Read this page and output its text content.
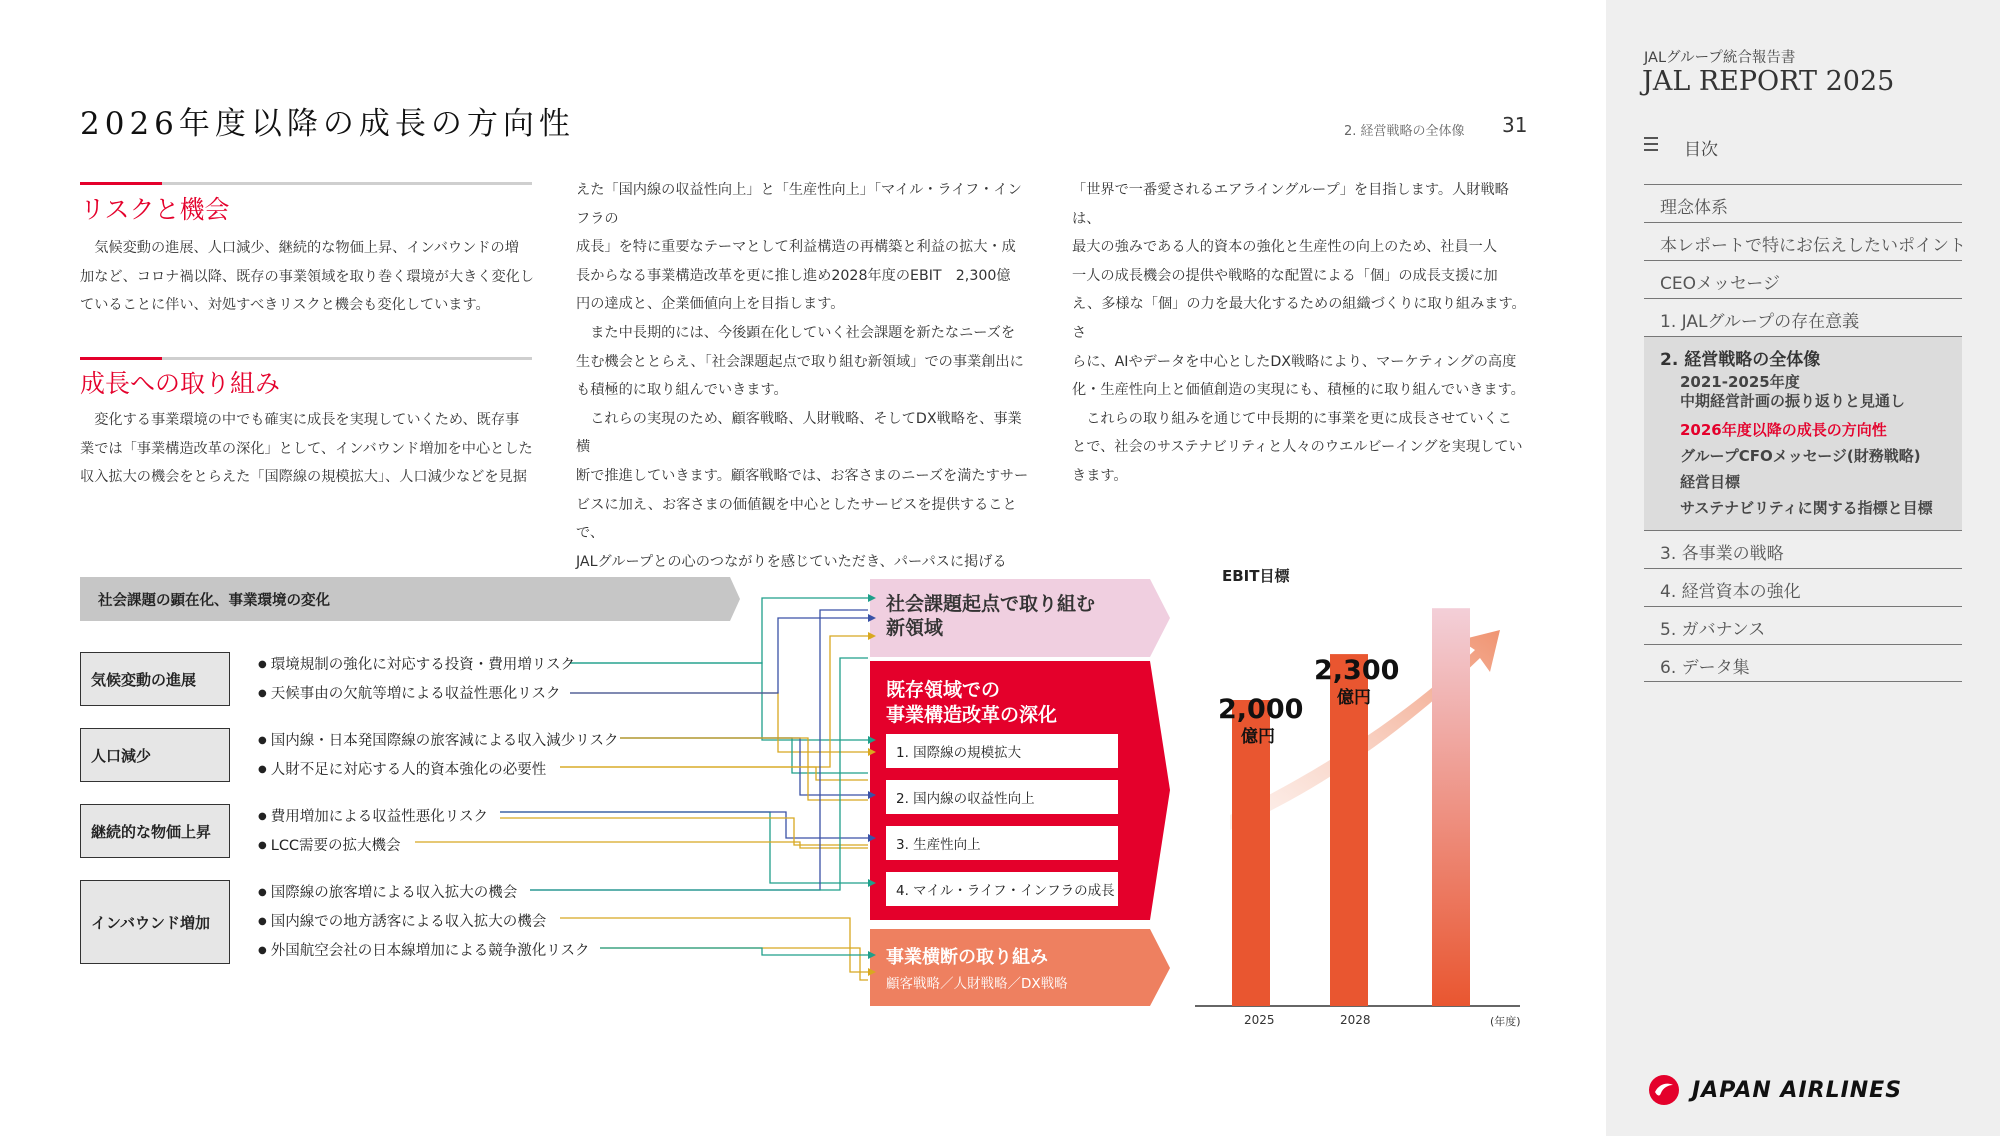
2026年度以降の成長の方向性	2. 経営戦略の全体像 31
リスクと機会

気候変動の進展、人口減少、継続的な物価上昇、インバウンドの増

加など、コロナ禍以降、既存の事業領域を取り巻く環境が大きく変化し

ていることに伴い、対処すべきリスクと機会も変化しています。

成長への取り組み

変化する事業環境の中でも確実に成長を実現していくため、既存事

業では「事業構造改革の深化」として、インバウンド増加を中心とした

収入拡大の機会をとらえた「国際線の規模拡大」、人口減少などを見据

えた「国内線の収益性向上」と「生産性向上」「マイル・ライフ・インフラの

成長」を特に重要なテーマとして利益構造の再構築と利益の拡大・成

長からなる事業構造改革を更に推し進め2028年度のEBIT　2,300億

円の達成と、企業価値向上を目指します。

また中長期的には、今後顕在化していく社会課題を新たなニーズを

生む機会ととらえ、「社会課題起点で取り組む新領域」での事業創出に

も積極的に取り組んでいきます。

これらの実現のため、顧客戦略、人財戦略、そしてDX戦略を、事業横

断で推進していきます。顧客戦略では、お客さまのニーズを満たすサー

ビスに加え、お客さまの価値観を中心としたサービスを提供することで、

JALグループとの心のつながりを感じていただき、パーパスに掲げる

「世界で一番愛されるエアライングループ」を目指します。人財戦略は、

最大の強みである人的資本の強化と生産性の向上のため、社員一人

一人の成長機会の提供や戦略的な配置による「個」の成長支援に加

え、多様な「個」の力を最大化するための組織づくりに取り組みます。さ

らに、AIやデータを中心としたDX戦略により、マーケティングの高度

化・生産性向上と価値創造の実現にも、積極的に取り組んでいきます。

これらの取り組みを通じて中長期的に事業を更に成長させていくこ

とで、社会のサステナビリティと人々のウエルビーイングを実現してい

きます。

社会課題の顕在化、事業環境の変化
気候変動の進展
● 環境規制の強化に対応する投資・費用増リスク
● 天候事由の欠航等増による収益性悪化リスク
人口減少
● 国内線・日本発国際線の旅客減による収入減少リスク
● 人財不足に対応する人的資本強化の必要性
継続的な物価上昇
● 費用増加による収益性悪化リスク
● LCC需要の拡大機会
インバウンド増加
● 国際線の旅客増による収入拡大の機会
● 国内線での地方誘客による収入拡大の機会
● 外国航空会社の日本線増加による競争激化リスク
社会課題起点で取り組む
新領域
既存領域での
事業構造改革の深化
1. 国際線の規模拡大
2. 国内線の収益性向上
3. 生産性向上
4. マイル・ライフ・インフラの成長
事業横断の取り組み
顧客戦略／人財戦略／DX戦略
EBIT目標
2,000
億円
2,300
億円
2025	2028	(年度)
JALグループ統合報告書
JAL REPORT 2025
目次
理念体系
本レポートで特にお伝えしたいポイント
CEOメッセージ
1. JALグループの存在意義
2. 経営戦略の全体像
2021-2025年度
中期経営計画の振り返りと見通し
2026年度以降の成長の方向性
グループCFOメッセージ(財務戦略)
経営目標
サステナビリティに関する指標と目標
3. 各事業の戦略
4. 経営資本の強化
5. ガバナンス
6. データ集
JAPAN AIRLINES
